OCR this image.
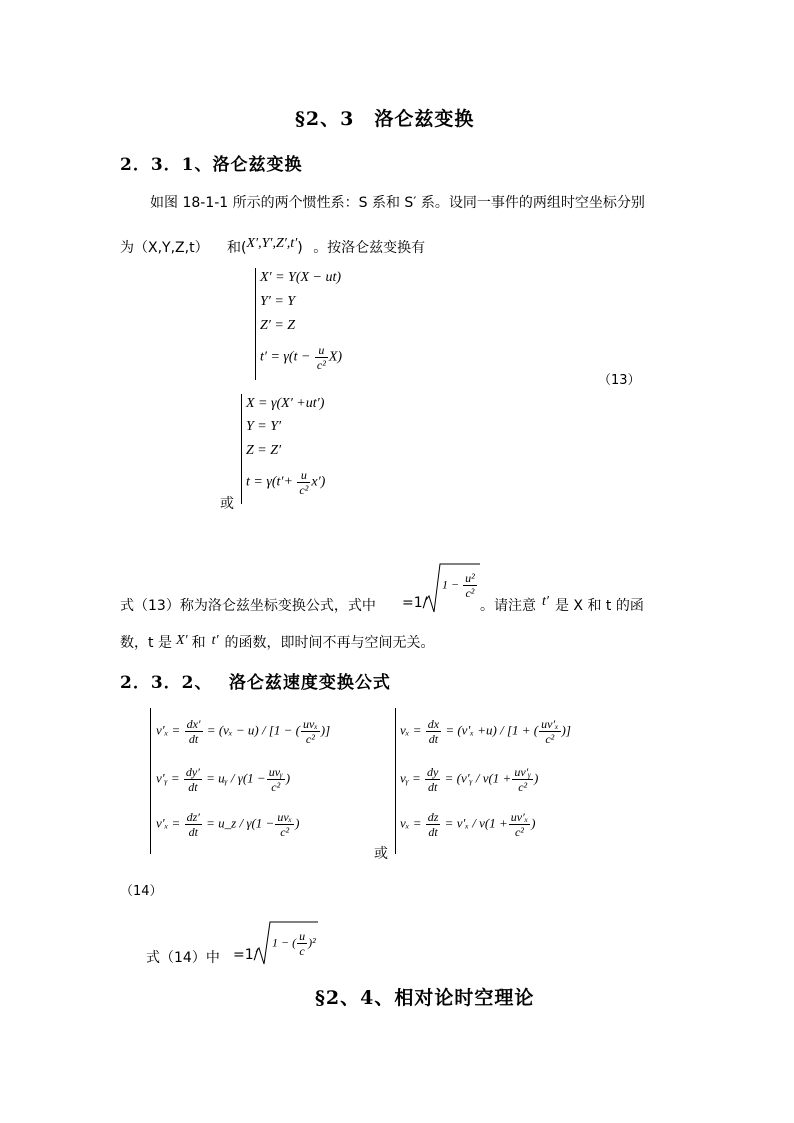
§2、3　洛仑兹变换
2．3．1、洛仑兹变换
如图 18-1-1 所示的两个惯性系：S 系和 S′ 系。设同一事件的两组时空坐标分别
为（X,Y,Z,t） 和(X′,Y′,Z′,t′) 。按洛仑兹变换有
X′ = Y(X − ut)
Y′ = Y
Z′ = Z
$t' = \gamma(t - \frac{u}{\text{c²}} X)$
（13）
X = γ(X′ +ut′)
Y = Y′
Z = Z′
$t = \gamma(t'+ \frac{u}{\text{c²}} x')$
或
式（13）称为洛仑兹坐标变换公式，式中 =1/
$1 - \frac{\text{u²}}{\text{c²}}$
。请注意 t′ 是 X 和 t 的函
数，t 是 X′ 和 t′ 的函数，即时间不再与空间无关。
2．3．2、　 洛仑兹速度变换公式
$v'_x = \frac{dx'}{dt} = (v_x - u) / [1$ − ( $\frac{\text{uvₓ}}{\text{c²}}$ )]
v′ᵧ = $\frac{dy'}{dt}$ = uᵧ / $\gamma(1 - \frac{\text{uvᵧ}}{\text{c²}}$ )
$v'_x = \frac{dz'}{dt}$ = u_z / $\gamma(1 - \frac{\text{uvₓ}}{\text{c²}}$ )
或
$v_x = \frac{dx}{dt} = (v'_x +u) / [1$ + ( $\frac{\text{uv′ₓ}}{\text{c²}}$ )]
vᵧ = $\frac{dy}{dt}$ = (v′ᵧ / $\nu(1 + \frac{\text{uv′ᵧ}}{\text{c²}}$ )
$v_x = \frac{dz}{dt} = v'_x / \nu(1 + \frac{\text{uv′ₓ}}{\text{c²}}$ )
（14）
式（14）中 =1/
1 − ( $\frac{u}{c} )^2$
§2、4、相对论时空理论
